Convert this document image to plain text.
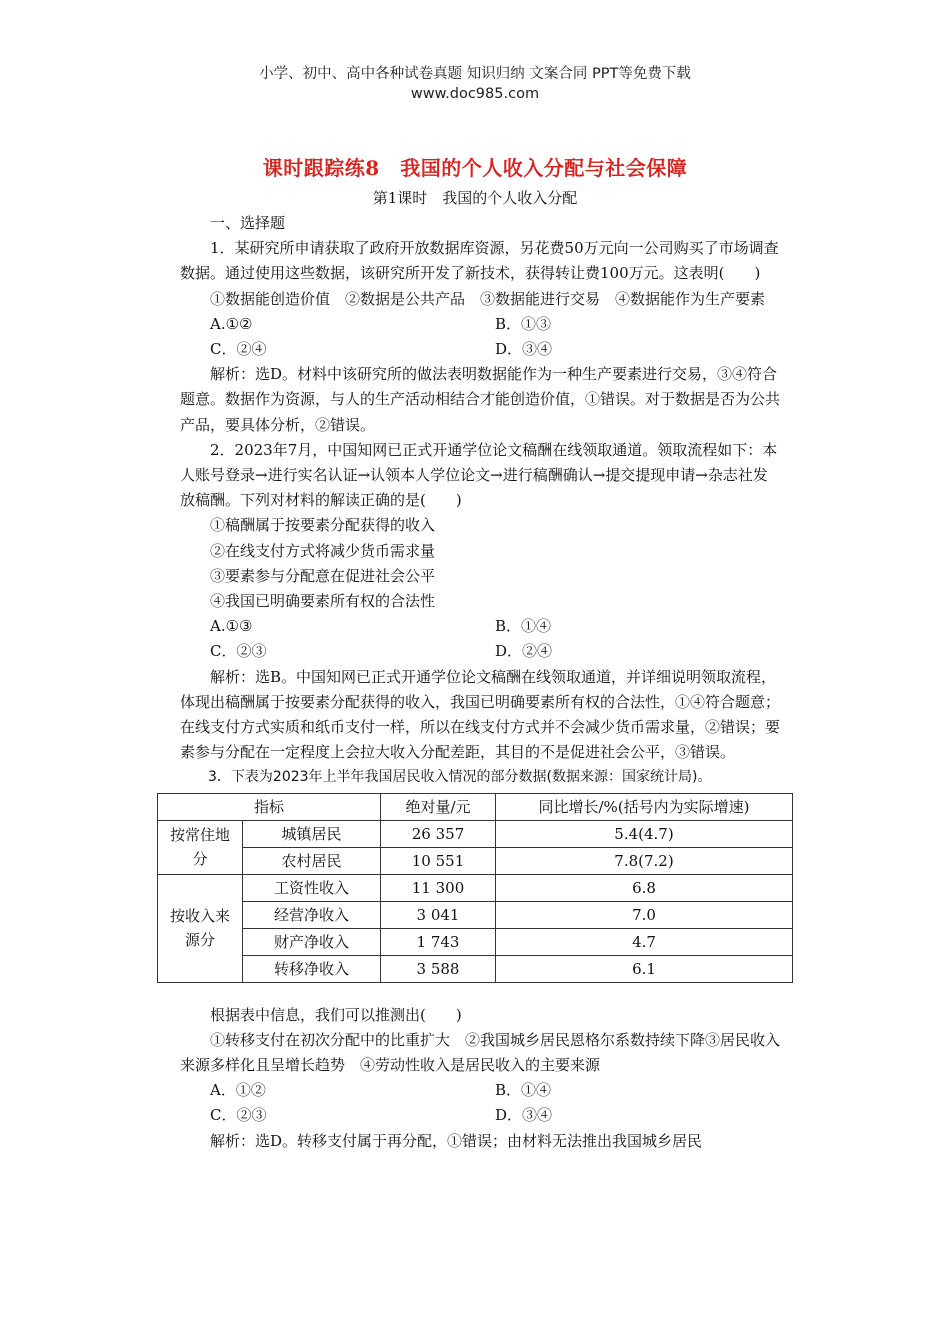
小学、初中、高中各种试卷真题 知识归纳 文案合同 PPT等免费下载
www.doc985.com
课时跟踪练8　我国的个人收入分配与社会保障
第1课时　我国的个人收入分配

一、选择题

1．某研究所申请获取了政府开放数据库资源，另花费50万元向一公司购买了市场调查数据。通过使用这些数据，该研究所开发了新技术，获得转让费100万元。这表明(　　)

①数据能创造价值　②数据是公共产品　③数据能进行交易　④数据能作为生产要素

A.①②	B．①③
C．②④	D．③④

解析：选D。材料中该研究所的做法表明数据能作为一种生产要素进行交易，③④符合题意。数据作为资源，与人的生产活动相结合才能创造价值，①错误。对于数据是否为公共产品，要具体分析，②错误。

2．2023年7月，中国知网已正式开通学位论文稿酬在线领取通道。领取流程如下：本人账号登录→进行实名认证→认领本人学位论文→进行稿酬确认→提交提现申请→杂志社发放稿酬。下列对材料的解读正确的是(　　)

①稿酬属于按要素分配获得的收入

②在线支付方式将减少货币需求量

③要素参与分配意在促进社会公平

④我国已明确要素所有权的合法性

A.①③	B．①④
C．②③	D．②④

解析：选B。中国知网已正式开通学位论文稿酬在线领取通道，并详细说明领取流程，体现出稿酬属于按要素分配获得的收入，我国已明确要素所有权的合法性，①④符合题意；在线支付方式实质和纸币支付一样，所以在线支付方式并不会减少货币需求量，②错误；要素参与分配在一定程度上会拉大收入分配差距，其目的不是促进社会公平，③错误。

3．下表为2023年上半年我国居民收入情况的部分数据(数据来源：国家统计局)。

指标		绝对量/元	同比增长/%(括号内为实际增速)

按常住地分	城镇居民	26 357	5.4(4.7)
	农村居民	10 551	7.8(7.2)

按收入来源分	工资性收入	11 300	6.8
	经营净收入	3 041	7.0
	财产净收入	1 743	4.7
	转移净收入	3 588	6.1

根据表中信息，我们可以推测出(　　)

①转移支付在初次分配中的比重扩大　②我国城乡居民恩格尔系数持续下降③居民收入来源多样化且呈增长趋势　④劳动性收入是居民收入的主要来源

A．①②	B．①④
C．②③	D．③④

解析：选D。转移支付属于再分配，①错误；由材料无法推出我国城乡居民
